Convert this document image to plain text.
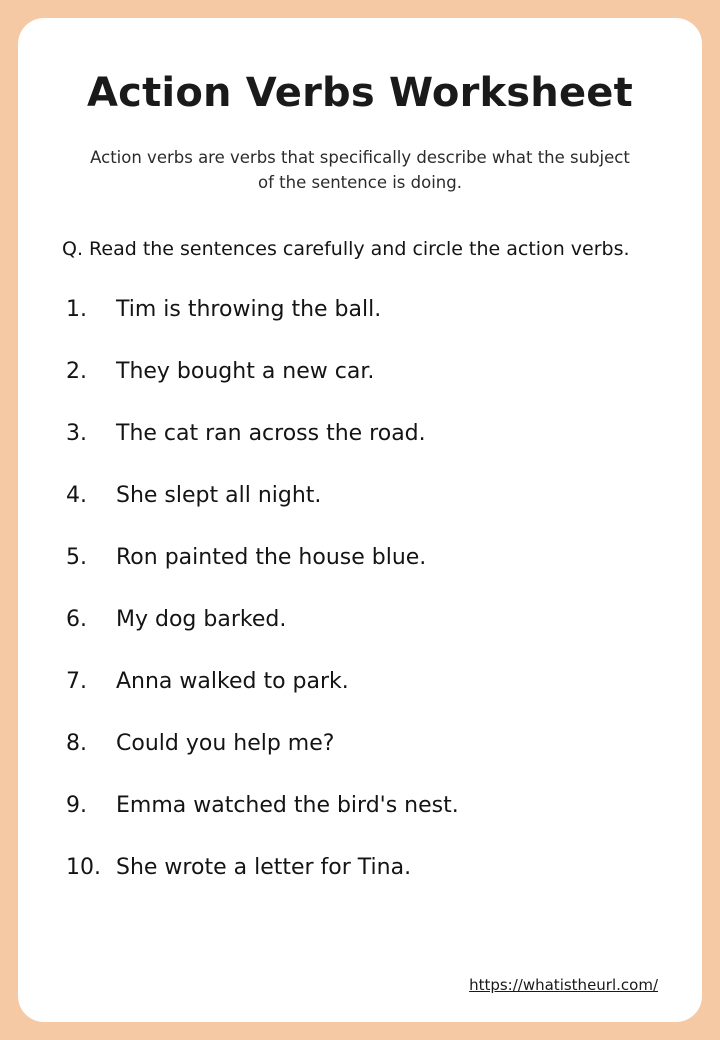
Action Verbs Worksheet

Action verbs are verbs that specifically describe what the subject of the sentence is doing.

Q. Read the sentences carefully and circle the action verbs.

1.	Tim is throwing the ball.
2.	They bought a new car.
3.	The cat ran across the road.
4.	She slept all night.
5.	Ron painted the house blue.
6.	My dog barked.
7.	Anna walked to park.
8.	Could you help me?
9.	Emma watched the bird's nest.
10. She wrote a letter for Tina.
https://whatistheurl.com/
